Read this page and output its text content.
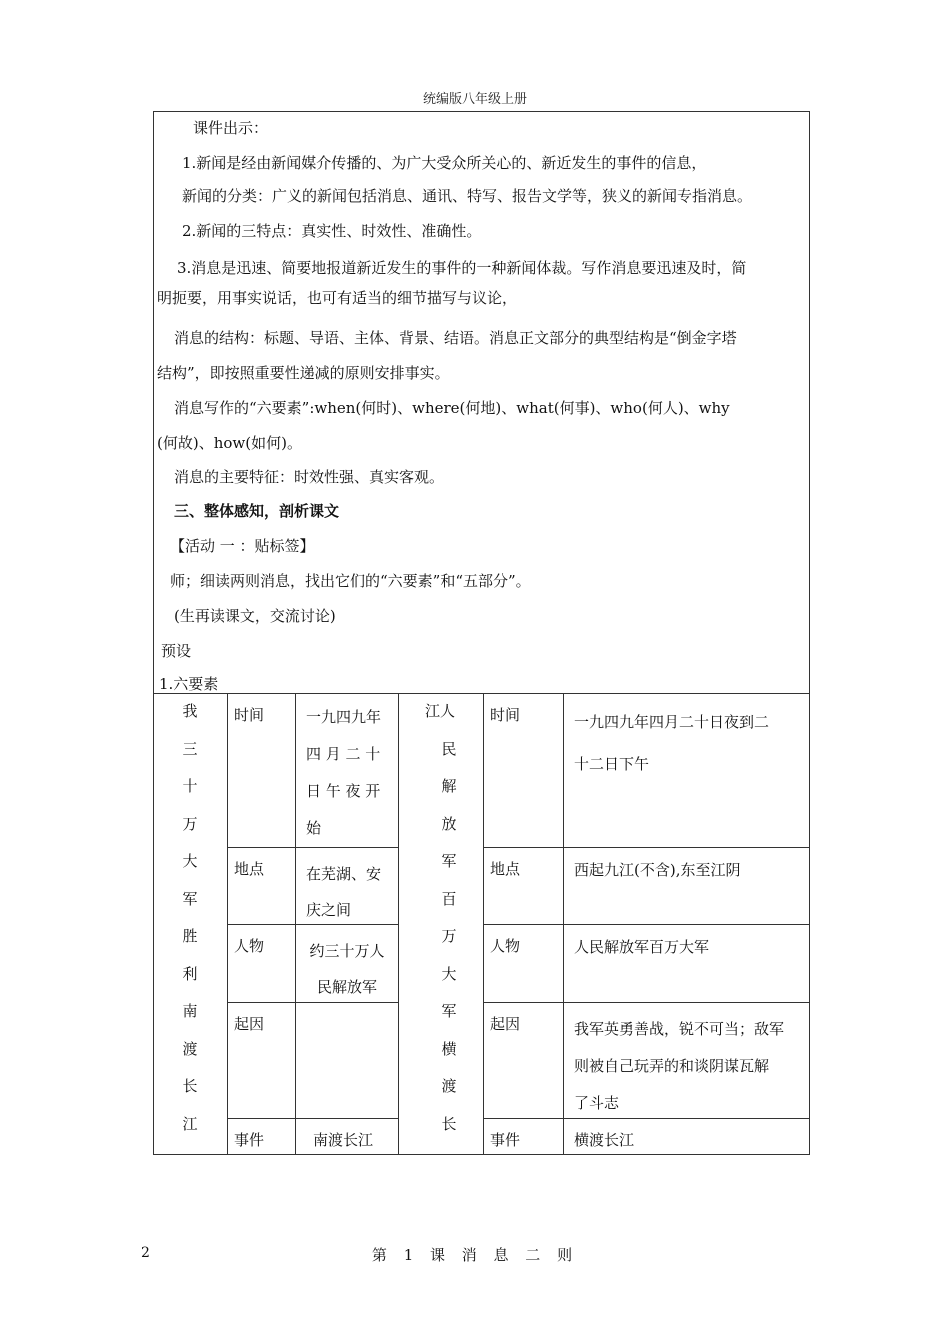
统编版八年级上册
课件出示：
1.新闻是经由新闻媒介传播的、为广大受众所关心的、新近发生的事件的信息，
新闻的分类：广义的新闻包括消息、通讯、特写、报告文学等，狭义的新闻专指消息。
2.新闻的三特点：真实性、时效性、准确性。
3.消息是迅速、简要地报道新近发生的事件的一种新闻体裁。写作消息要迅速及时，简
明扼要，用事实说话，也可有适当的细节描写与议论，
消息的结构：标题、导语、主体、背景、结语。消息正文部分的典型结构是“倒金字塔
结构”，即按照重要性递减的原则安排事实。
消息写作的“六要素”:when(何时)、where(何地)、what(何事)、who(何人)、why
(何故)、how(如何)。
消息的主要特征：时效性强、真实客观。
三、整体感知，剖析课文
【活动 一 ：贴标签】
师；细读两则消息，找出它们的“六要素”和“五部分”。
(生再读课文，交流讨论)
预设
1.六要素
我
三
十
万
大
军
胜
利
南
渡
长
江
江人
民
解
放
军
百
万
大
军
横
渡
长
时间
地点
人物
起因
事件
一九四九年
四 月 二 十
日 午 夜 开
始
在芜湖、安
庆之间
约三十万人
民解放军
南渡长江
时间
地点
人物
起因
事件
一九四九年四月二十日夜到二
十二日下午
西起九江(不含),东至江阴
人民解放军百万大军
我军英勇善战，锐不可当；敌军
则被自己玩弄的和谈阴谋瓦解
了斗志
横渡长江
2	第 1 课 消 息 二 则
